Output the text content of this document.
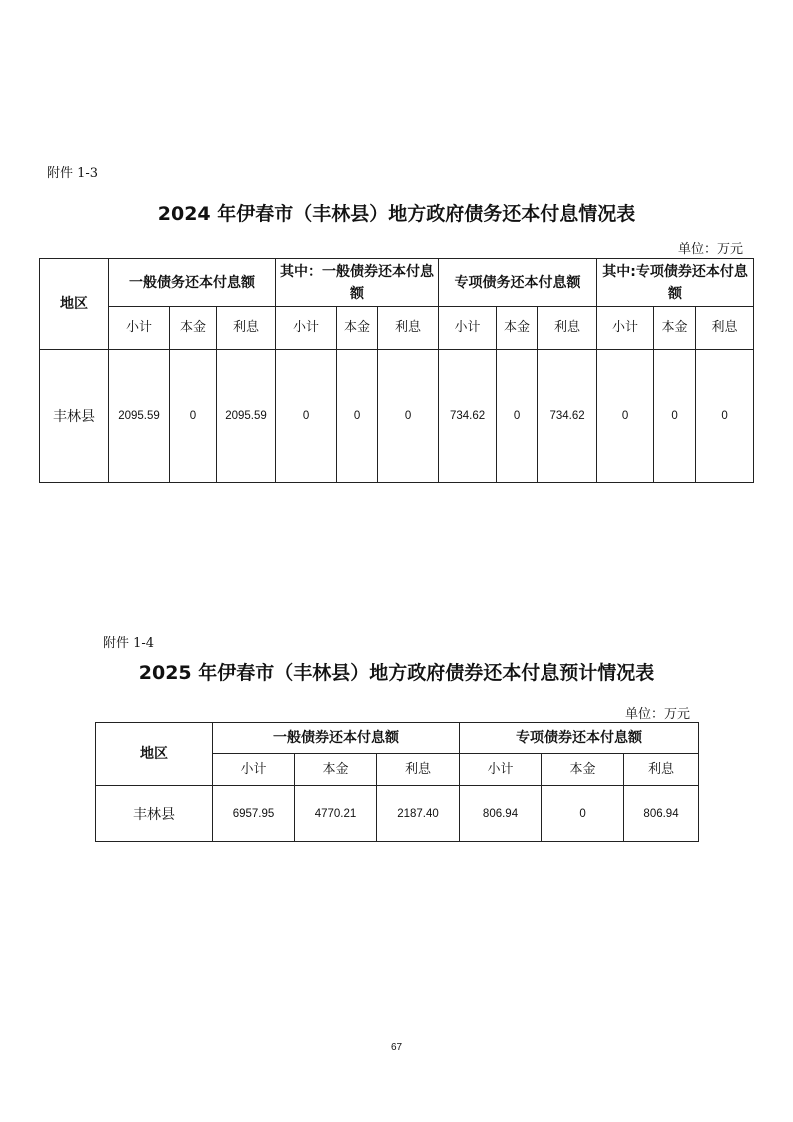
附件 1-3
2024 年伊春市（丰林县）地方政府债务还本付息情况表
单位：万元
地区	一般债务还本付息额			其中：一般债券还本付息额			专项债务还本付息额			其中:专项债券还本付息额		
	小计	本金	利息	小计	本金	利息	小计	本金	利息	小计	本金	利息
丰林县	2095.59	0	2095.59	0	0	0	734.62	0	734.62	0	0	0
附件 1-4
2025 年伊春市（丰林县）地方政府债券还本付息预计情况表
单位：万元
地区	一般债券还本付息额			专项债券还本付息额		
	小计	本金	利息	小计	本金	利息
丰林县	6957.95	4770.21	2187.40	806.94	0	806.94
67
